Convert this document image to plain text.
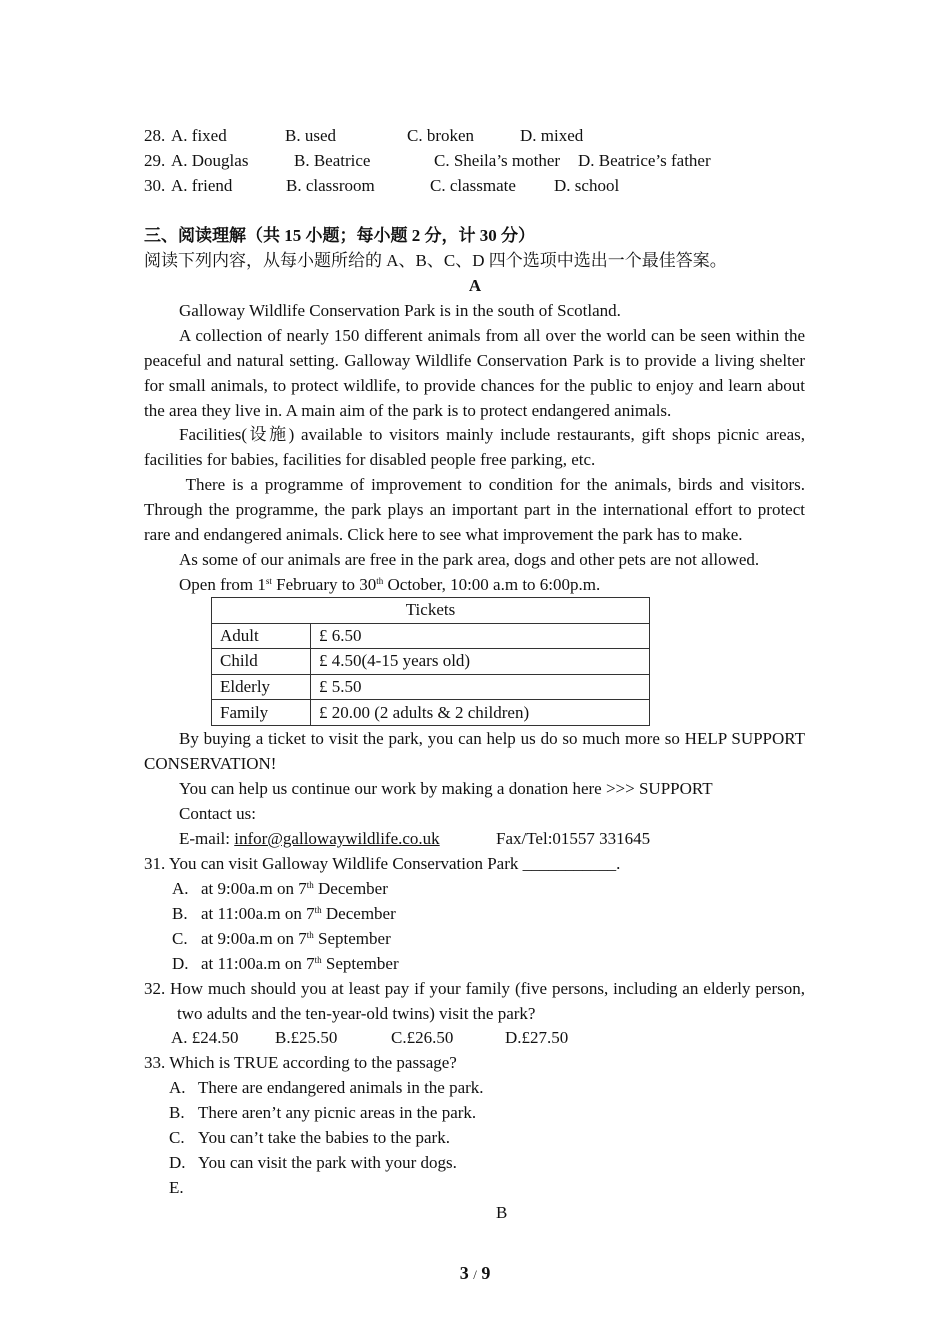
28. A. fixed	B. used	C. broken	D. mixed
29. A. Douglas	B. Beatrice	C. Sheila’s mother D. Beatrice’s father
30. A. friend	B. classroom	C. classmate D. school
三、阅读理解（共 15 小题；每小题 2 分，计 30 分）
阅读下列内容，从每小题所给的 A、B、C、D 四个选项中选出一个最佳答案。
A
Galloway Wildlife Conservation Park is in the south of Scotland.
A collection of nearly 150 different animals from all over the world can be seen within the peaceful and natural setting. Galloway Wildlife Conservation Park is to provide a living shelter for small animals, to protect wildlife, to provide chances for the public to enjoy and learn about the area they live in. A main aim of the park is to protect endangered animals.
Facilities(设施) available to visitors mainly include restaurants, gift shops picnic areas, facilities for babies, facilities for disabled people free parking, etc.
There is a programme of improvement to condition for the animals, birds and visitors. Through the programme, the park plays an important part in the international effort to protect rare and endangered animals. Click here to see what improvement the park has to make.
As some of our animals are free in the park area, dogs and other pets are not allowed.
Open from 1st February to 30th October, 10:00 a.m to 6:00p.m.
Tickets	
Adult	£ 6.50
Child	£ 4.50(4-15 years old)
Elderly	£ 5.50
Family	£ 20.00 (2 adults & 2 children)
By buying a ticket to visit the park, you can help us do so much more so HELP SUPPORT CONSERVATION!
You can help us continue our work by making a donation here >>> SUPPORT
Contact us:
E-mail: infor@gallowaywildlife.co.uk	Fax/Tel:01557 331645
31. You can visit Galloway Wildlife Conservation Park ___________.
A. at 9:00a.m on 7th December
B. at 11:00a.m on 7th December
C. at 9:00a.m on 7th September
D. at 11:00a.m on 7th September
32. How much should you at least pay if your family (five persons, including an elderly person, two adults and the ten-year-old twins) visit the park?
A. £24.50 B.£25.50	C.£26.50	D.£27.50
33. Which is TRUE according to the passage?
A. There are endangered animals in the park.
B. There aren’t any picnic areas in the park.
C. You can’t take the babies to the park.
D. You can visit the park with your dogs.
E.
B
3 / 9
